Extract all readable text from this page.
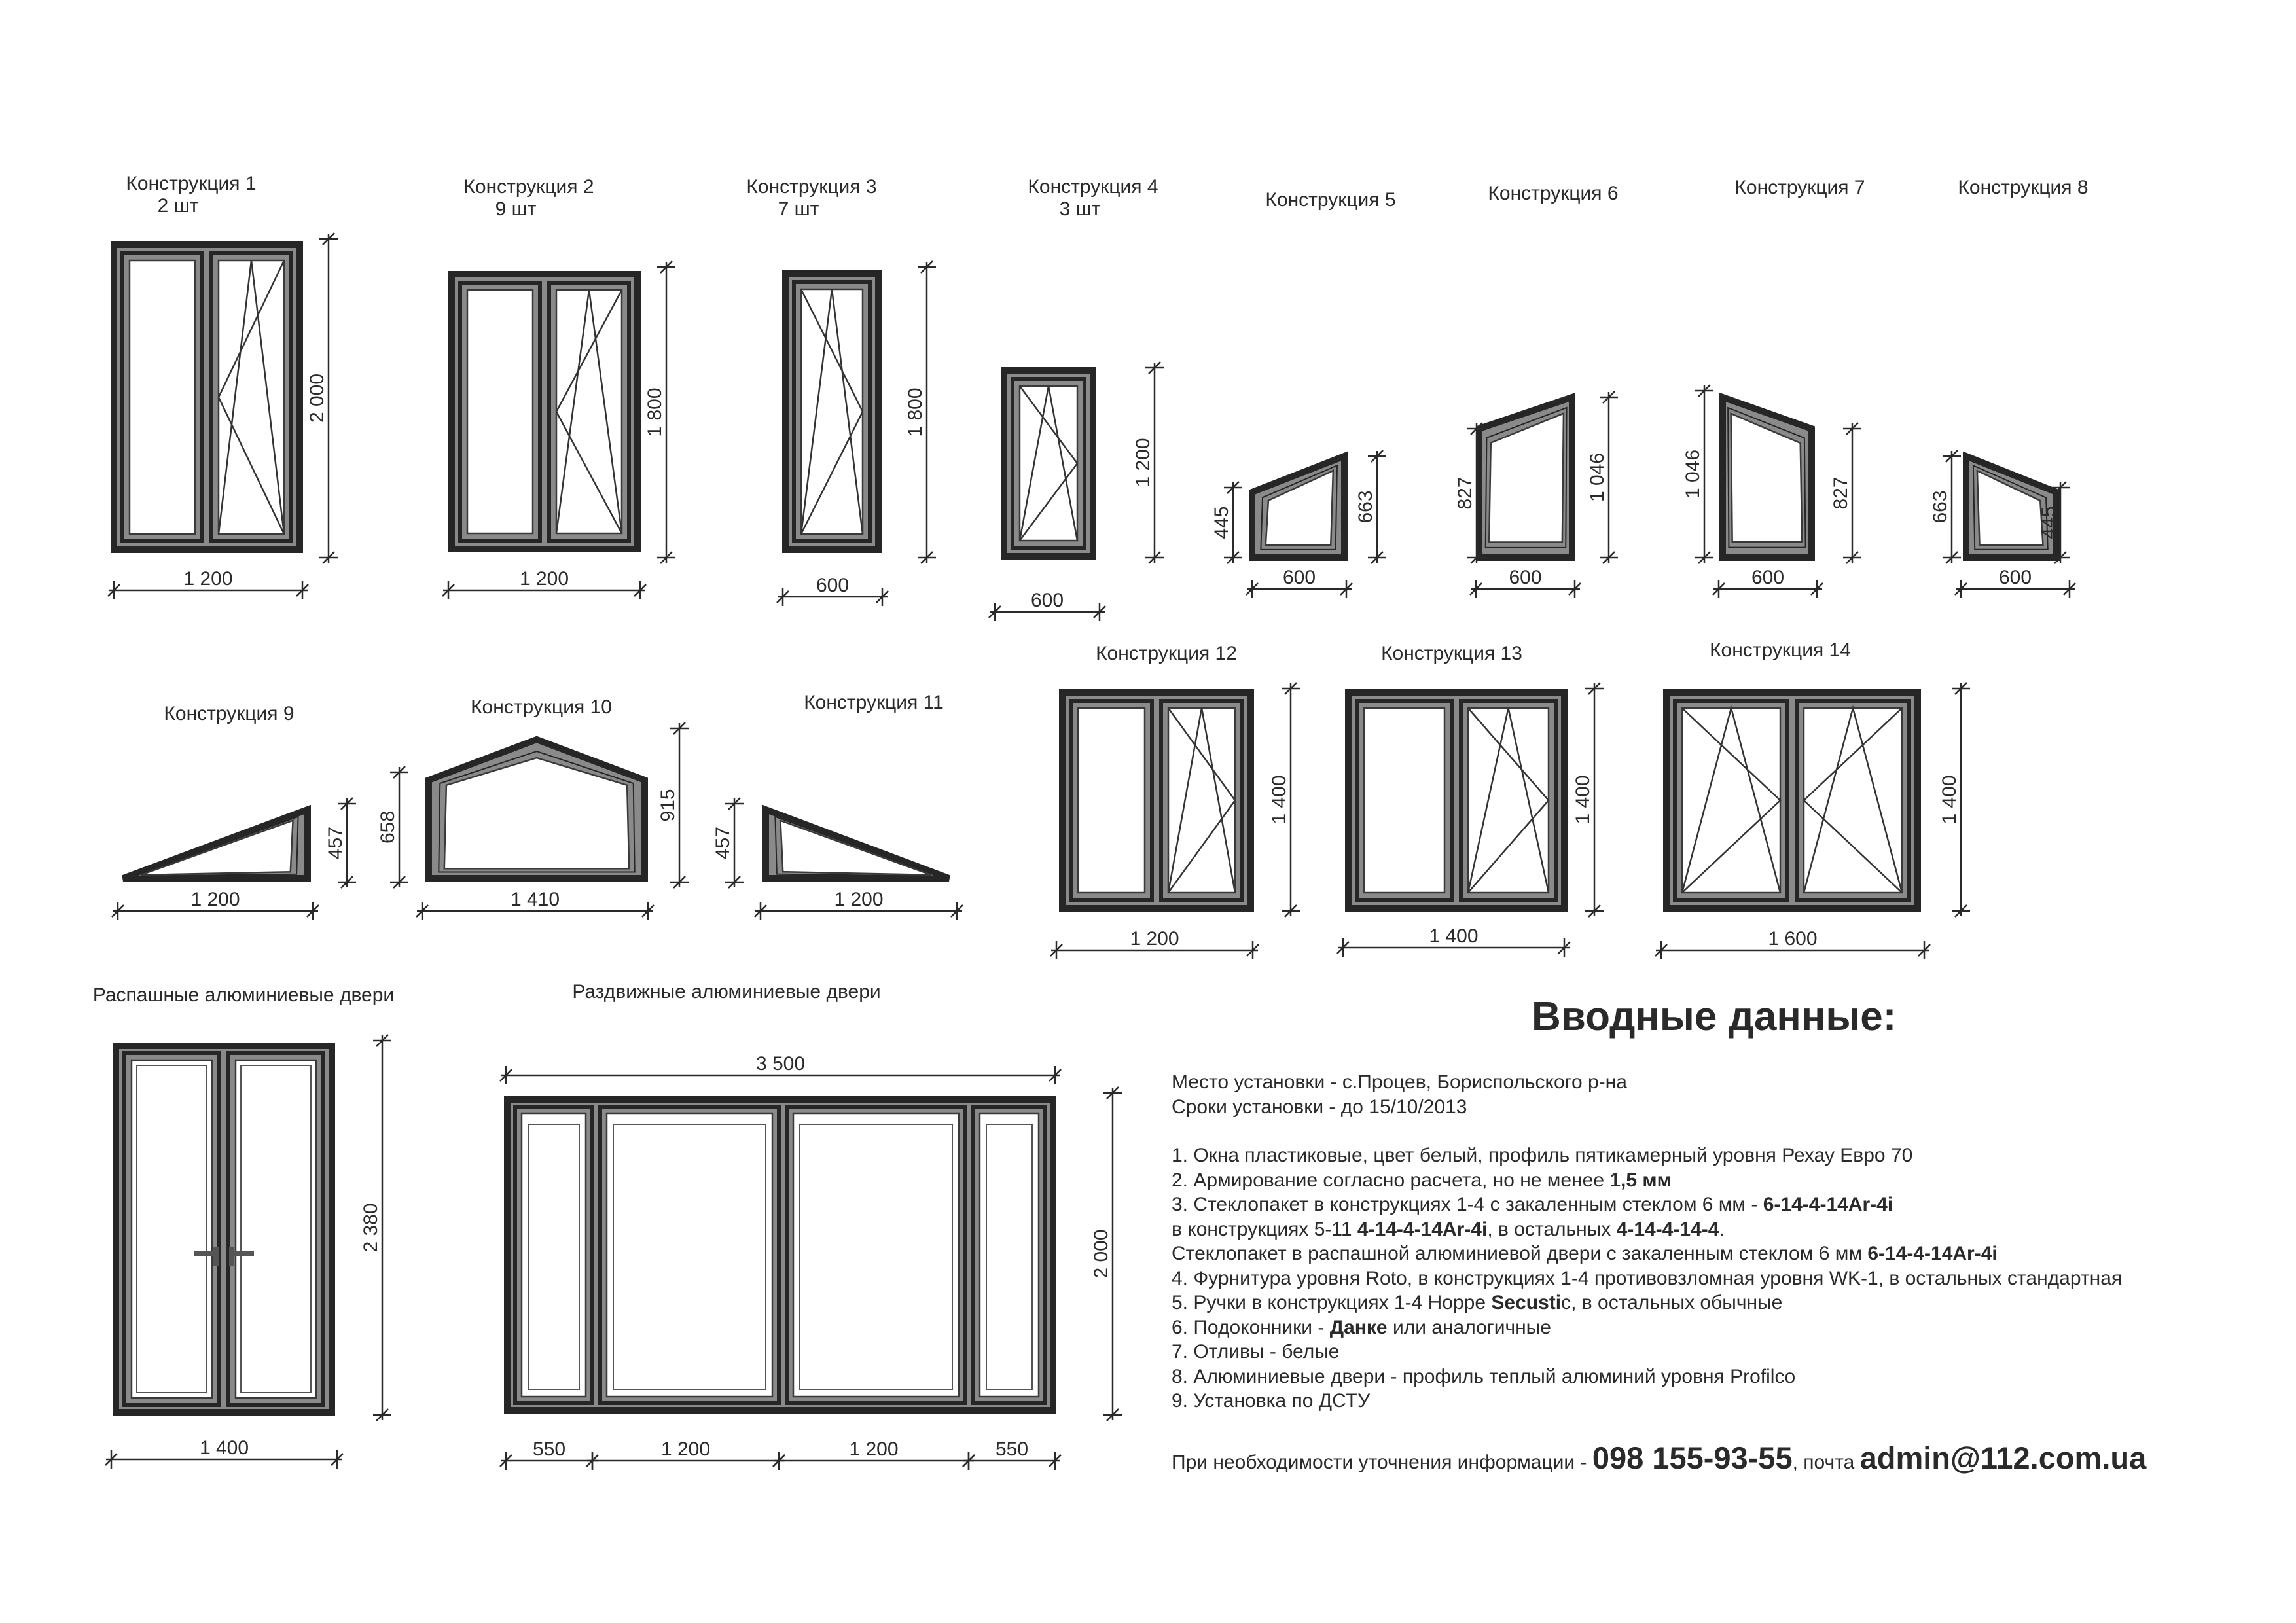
Конструкция 1
2 шт
1 200
2 000
Конструкция 2
9 шт
1 200
1 800
Конструкция 3
7 шт
600
1 800
Конструкция 4
3 шт
600
1 200
Конструкция 5
600
445	663
Конструкция 6
600
827	1 046
Конструкция 7
600
1 046	827
Конструкция 8
600
663	445
Конструкция 9
1 200
457
Конструкция 10
1 410
658
915
Конструкция 11
1 200
457
Конструкция 12
1 200
1 400
Конструкция 13
1 400
1 400
Конструкция 14
1 600
1 400
Распашные алюминиевые двери
1 400
2 380
Раздвижные алюминиевые двери
3 500
2 000
550	1 200	1 200	550
Вводные данные:
Место установки - с.Процев, Бориспольского р-на
Сроки установки - до 15/10/2013
1. Окна пластиковые, цвет белый, профиль пятикамерный уровня Рехау Евро 70
2. Армирование согласно расчета, но не менее 1,5 мм
3. Стеклопакет в конструкциях 1-4 с закаленным стеклом 6 мм - 6-14-4-14Ar-4i
в конструкциях 5-11 4-14-4-14Ar-4i, в остальных 4-14-4-14-4.
Стеклопакет в распашной алюминиевой двери с закаленным стеклом 6 мм 6-14-4-14Ar-4i
4. Фурнитура уровня Roto, в конструкциях 1-4 противовзломная уровня WK-1, в остальных стандартная
5. Ручки в конструкциях 1-4 Hoppe Secustic, в остальных обычные
6. Подоконники - Данке или аналогичные
7. Отливы - белые
8. Алюминиевые двери - профиль теплый алюминий уровня Profilco
9. Установка по ДСТУ
При необходимости уточнения информации - 098 155-93-55, почта admin@112.com.ua
